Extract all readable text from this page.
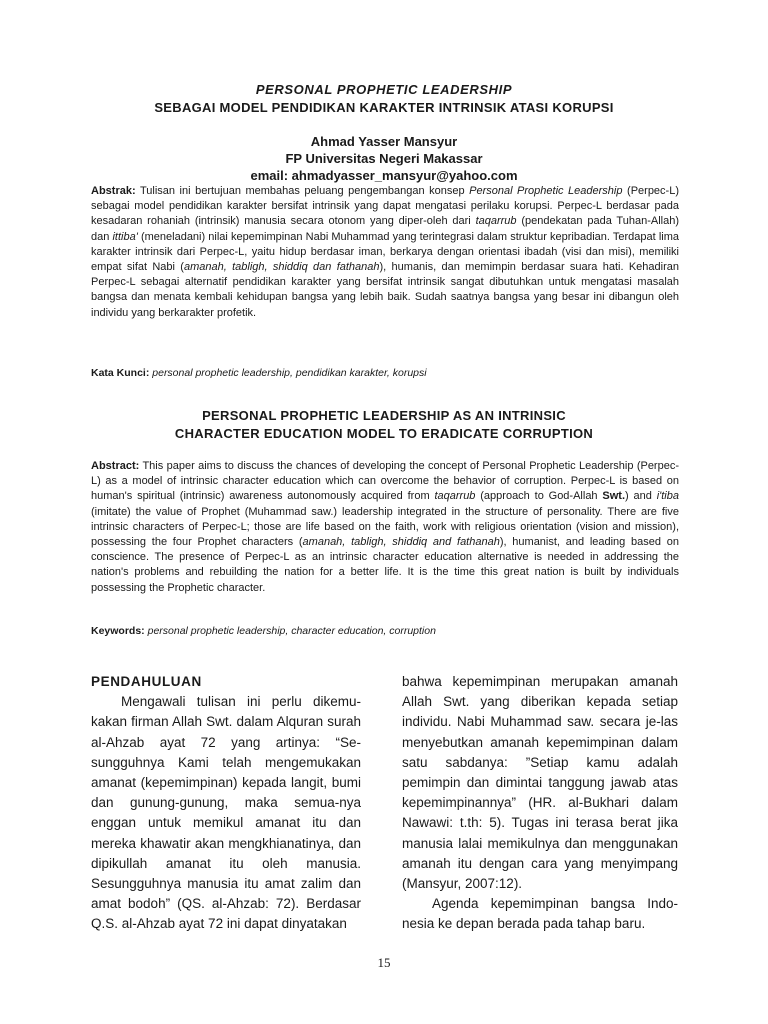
PERSONAL PROPHETIC LEADERSHIP
SEBAGAI MODEL PENDIDIKAN KARAKTER INTRINSIK ATASI KORUPSI
Ahmad Yasser Mansyur
FP Universitas Negeri Makassar
email: ahmadyasser_mansyur@yahoo.com
Abstrak: Tulisan ini bertujuan membahas peluang pengembangan konsep Personal Prophetic Leadership (Perpec-L) sebagai model pendidikan karakter bersifat intrinsik yang dapat mengatasi perilaku korupsi. Perpec-L berdasar pada kesadaran rohaniah (intrinsik) manusia secara otonom yang diper-oleh dari taqarrub (pendekatan pada Tuhan-Allah) dan ittiba' (meneladani) nilai kepemimpinan Nabi Muhammad yang terintegrasi dalam struktur kepribadian. Terdapat lima karakter intrinsik dari Perpec-L, yaitu hidup berdasar iman, berkarya dengan orientasi ibadah (visi dan misi), memiliki empat sifat Nabi (amanah, tabligh, shiddiq dan fathanah), humanis, dan memimpin berdasar suara hati. Kehadiran Perpec-L sebagai alternatif pendidikan karakter yang bersifat intrinsik sangat dibutuhkan untuk mengatasi masalah bangsa dan menata kembali kehidupan bangsa yang lebih baik. Sudah saatnya bangsa yang besar ini dibangun oleh individu yang berkarakter profetik.
Kata Kunci: personal prophetic leadership, pendidikan karakter, korupsi
PERSONAL PROPHETIC LEADERSHIP AS AN INTRINSIC
CHARACTER EDUCATION MODEL TO ERADICATE CORRUPTION
Abstract: This paper aims to discuss the chances of developing the concept of Personal Prophetic Leadership (Perpec-L) as a model of intrinsic character education which can overcome the behavior of corruption. Perpec-L is based on human's spiritual (intrinsic) awareness autonomously acquired from taqarrub (approach to God-Allah Swt.) and i'tiba (imitate) the value of Prophet (Muhammad saw.) leadership integrated in the structure of personality. There are five intrinsic characters of Perpec-L; those are life based on the faith, work with religious orientation (vision and mission), possessing the four Prophet characters (amanah, tabligh, shiddiq and fathanah), humanist, and leading based on conscience. The presence of Perpec-L as an intrinsic character education alternative is needed in addressing the nation's problems and rebuilding the nation for a better life. It is the time this great nation is built by individuals possessing the Prophetic character.
Keywords: personal prophetic leadership, character education, corruption
PENDAHULUAN

Mengawali tulisan ini perlu dikemu-kakan firman Allah Swt. dalam Alquran surah al-Ahzab ayat 72 yang artinya: “Se-sungguhnya Kami telah mengemukakan amanat (kepemimpinan) kepada langit, bumi dan gunung-gunung, maka semua-nya enggan untuk memikul amanat itu dan mereka khawatir akan mengkhianatinya, dan dipikullah amanat itu oleh manusia. Sesungguhnya manusia itu amat zalim dan amat bodoh” (QS. al-Ahzab: 72). Berdasar Q.S. al-Ahzab ayat 72 ini dapat dinyatakan

bahwa kepemimpinan merupakan amanah Allah Swt. yang diberikan kepada setiap individu. Nabi Muhammad saw. secara je-las menyebutkan amanah kepemimpinan dalam satu sabdanya: ”Setiap kamu adalah pemimpin dan dimintai tanggung jawab atas kepemimpinannya” (HR. al-Bukhari dalam Nawawi: t.th: 5). Tugas ini terasa berat jika manusia lalai memikulnya dan menggunakan amanah itu dengan cara yang menyimpang (Mansyur, 2007:12).

Agenda kepemimpinan bangsa Indo-nesia ke depan berada pada tahap baru.

15
